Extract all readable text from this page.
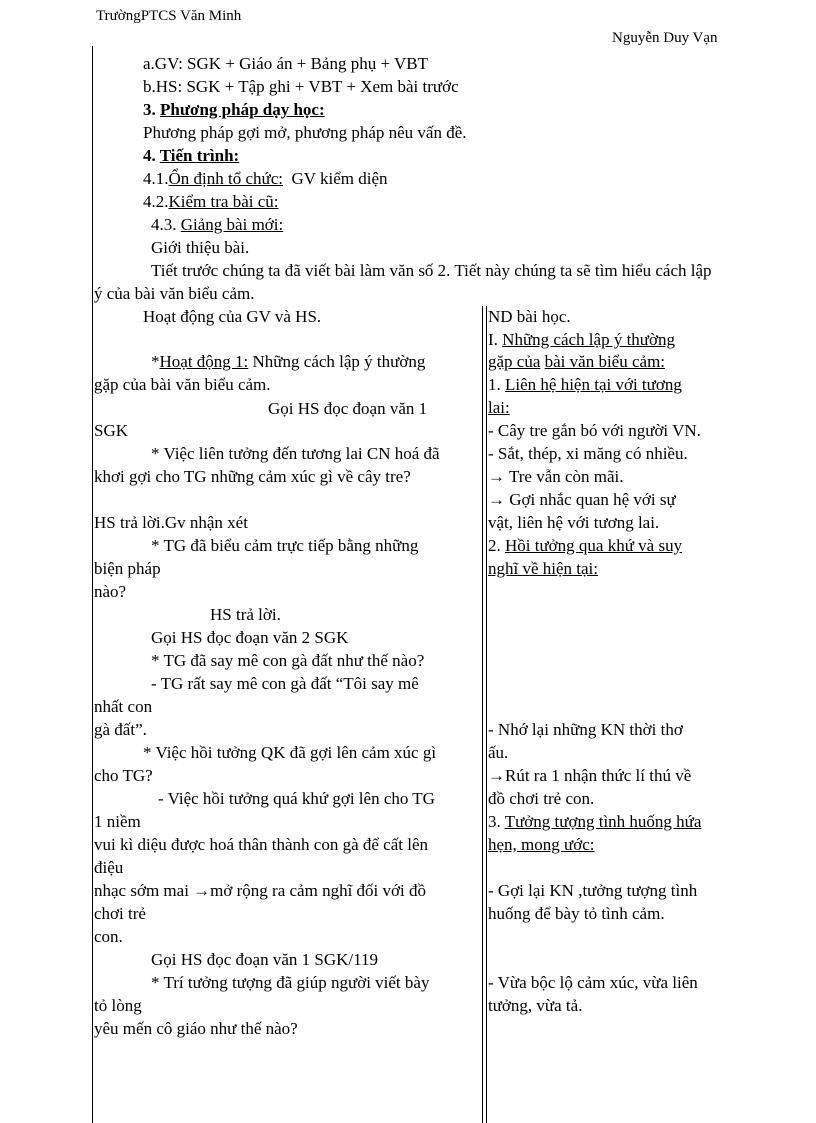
TrườngPTCS Văn Minh
Nguyễn Duy Vạn
a.GV: SGK + Giáo án + Bảng phụ + VBT
b.HS: SGK + Tập ghi + VBT + Xem bài trước
3. Phương pháp dạy học:
Phương pháp gợi mở, phương pháp nêu vấn đề.
4. Tiến trình:
4.1.Ổn định tổ chức: GV kiểm diện
4.2.Kiểm tra bài cũ:
4.3. Giảng bài mới:
Giới thiệu bài.
Tiết trước chúng ta đã viết bài làm văn số 2. Tiết này chúng ta sẽ tìm hiểu cách lập
ý của bài văn biểu cảm.
Hoạt động của GV và HS.
*Hoạt động 1: Những cách lập ý thường
gặp của bài văn biểu cảm.
Gọi HS đọc đoạn văn 1
SGK
* Việc liên tưởng đến tương lai CN hoá đã
khơi gợi cho TG những cảm xúc gì về cây tre?
HS trả lời.Gv nhận xét
* TG đã biểu cảm trực tiếp bằng những
biện pháp
nào?
HS trả lời.
Gọi HS đọc đoạn văn 2 SGK
* TG đã say mê con gà đất như thế nào?
- TG rất say mê con gà đất “Tôi say mê
nhất con
gà đất”.
* Việc hồi tưởng QK đã gợi lên cảm xúc gì
cho TG?
- Việc hồi tưởng quá khứ gợi lên cho TG
1 niềm
vui kì diệu được hoá thân thành con gà để cất lên
điệu
nhạc sớm mai →mở rộng ra cảm nghĩ đối với đồ
chơi trẻ
con.
Gọi HS đọc đoạn văn 1 SGK/119
* Trí tưởng tượng đã giúp người viết bày
tỏ lòng
yêu mến cô giáo như thế nào?
ND bài học.
I. Những cách lập ý thường
gặp của bài văn biểu cảm:
1. Liên hệ hiện tại với tương
lai:
- Cây tre gắn bó với người VN.
- Sắt, thép, xi măng có nhiều.
→ Tre vẫn còn mãi.
→ Gợi nhắc quan hệ với sự
vật, liên hệ với tương lai.
2. Hồi tưởng qua khứ và suy
nghĩ về hiện tại:
- Nhớ lại những KN thời thơ
ấu.
→Rút ra 1 nhận thức lí thú về
đồ chơi trẻ con.
3. Tưởng tượng tình huống hứa
hẹn, mong ước:
- Gợi lại KN ,tưởng tượng tình
huống để bày tỏ tình cảm.
- Vừa bộc lộ cảm xúc, vừa liên
tưởng, vừa tả.
